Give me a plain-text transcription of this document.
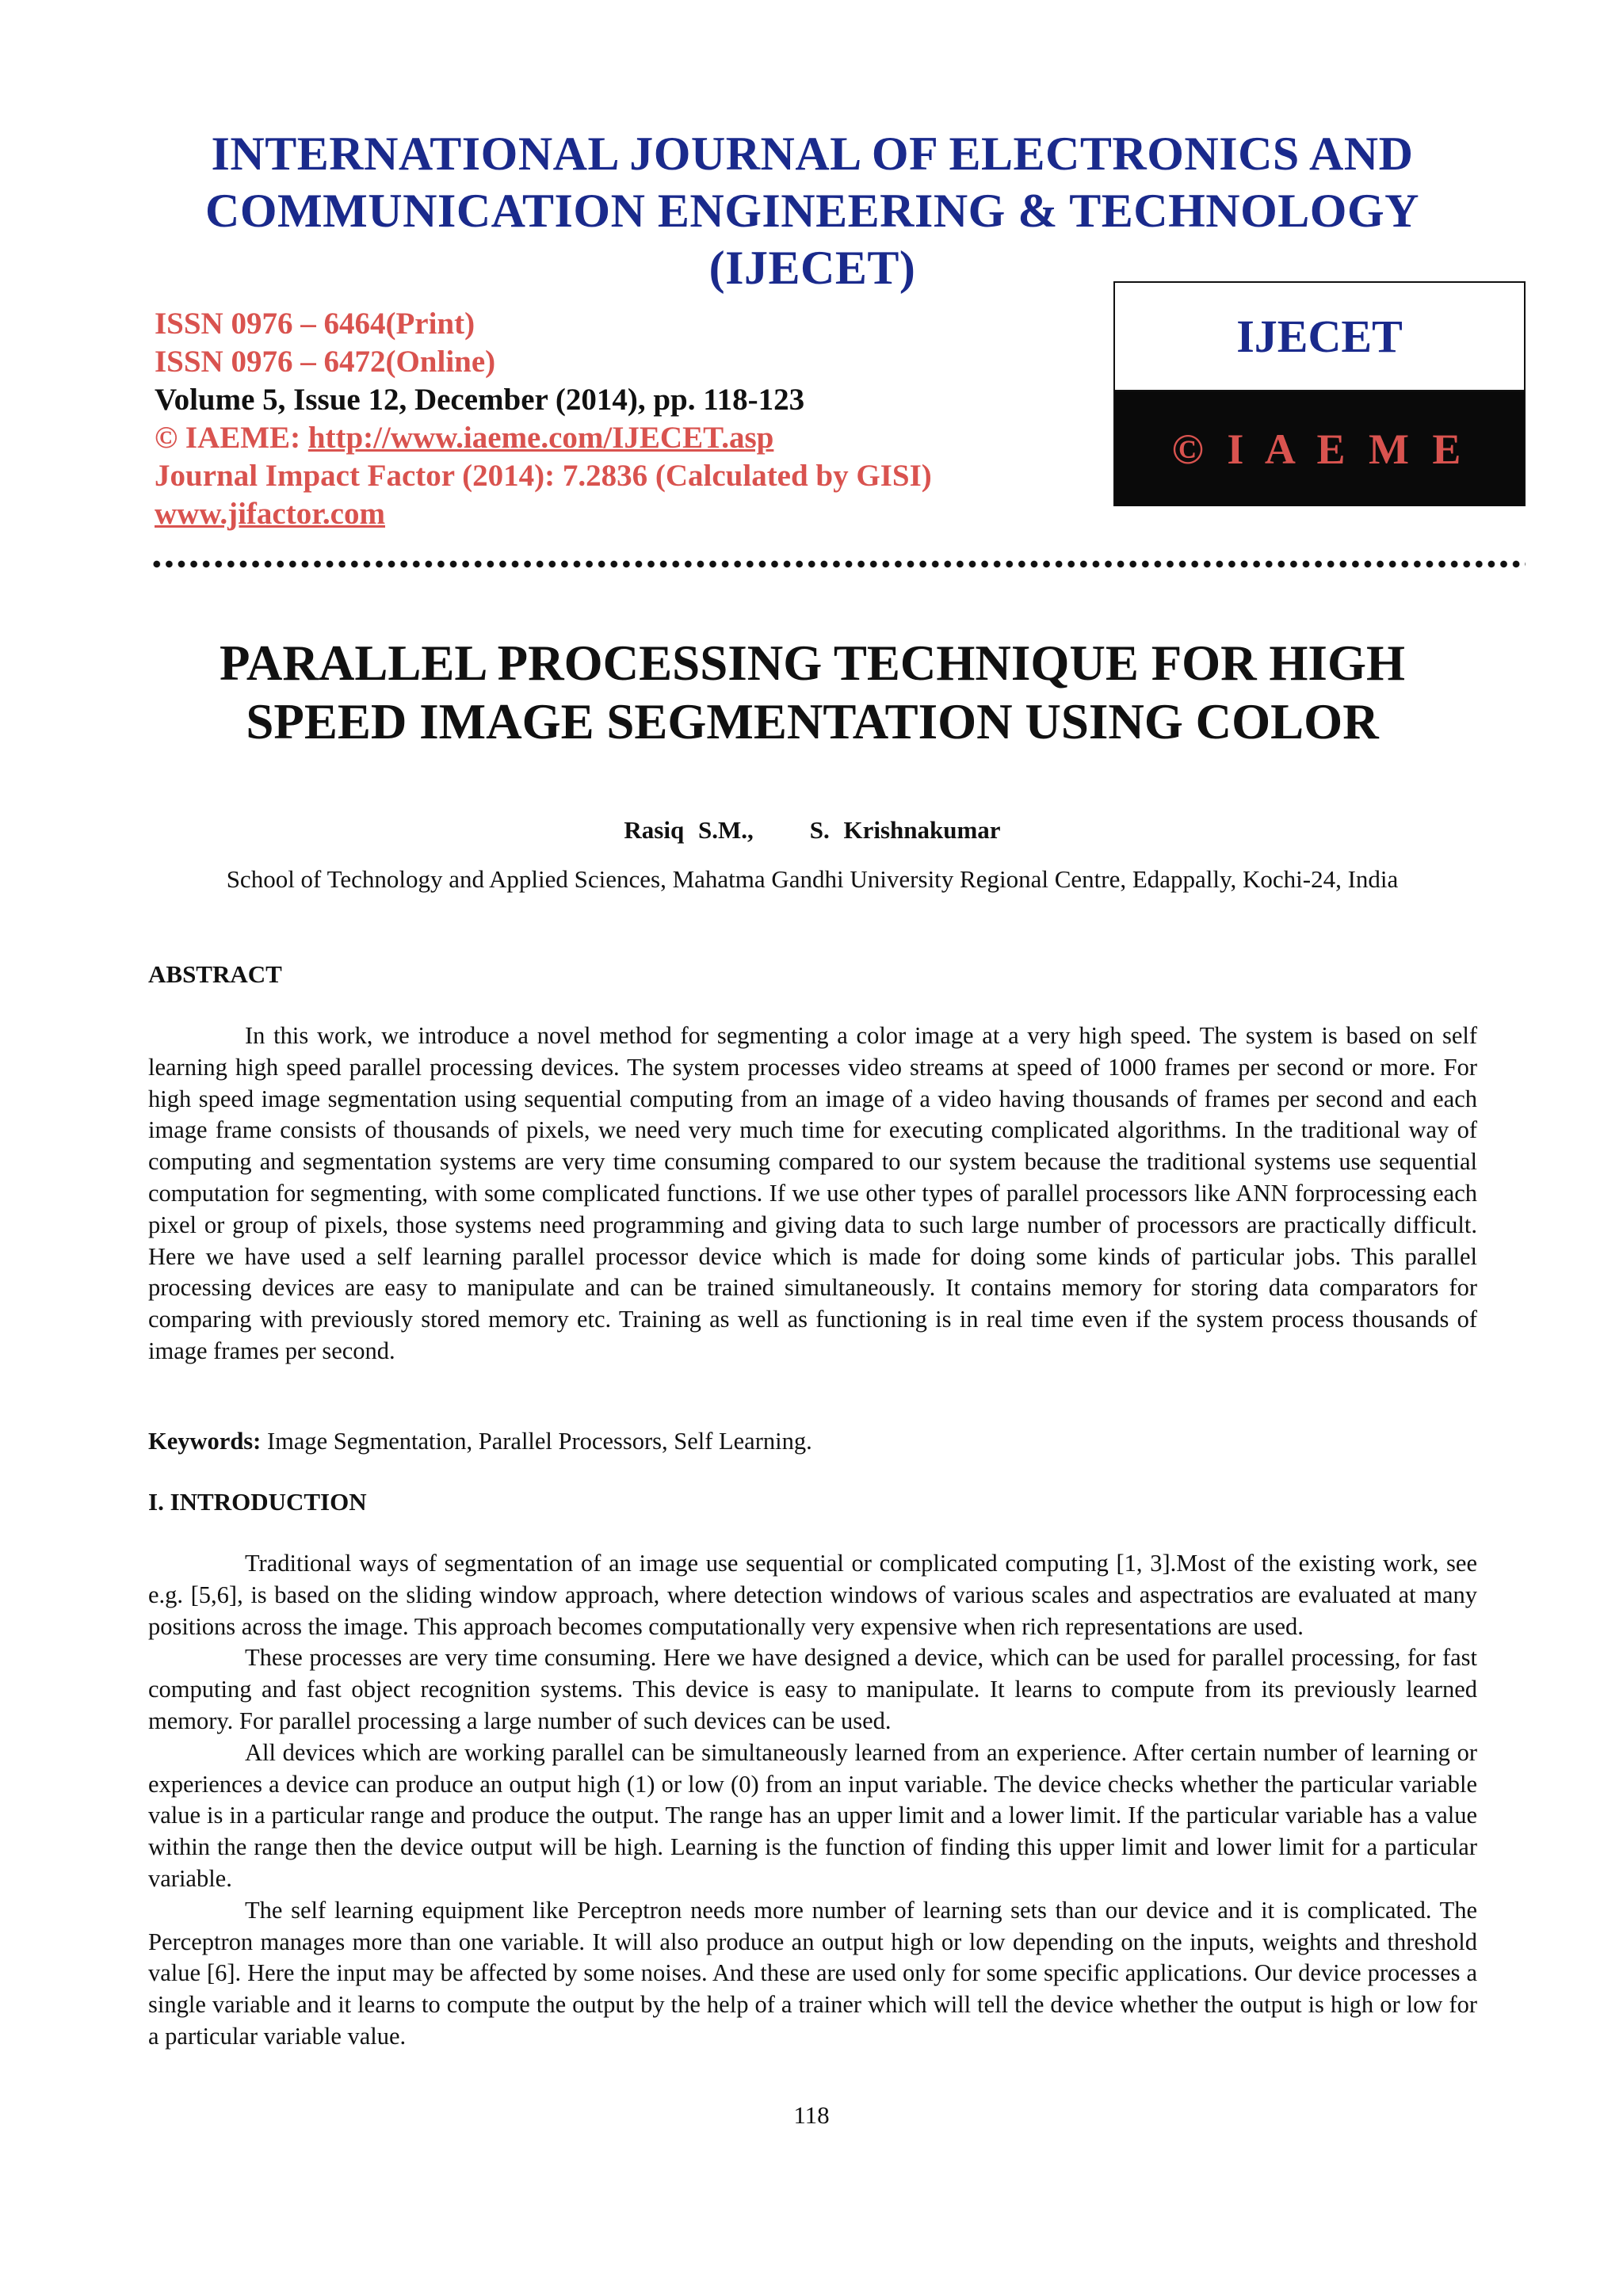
INTERNATIONAL JOURNAL OF ELECTRONICS AND
COMMUNICATION ENGINEERING & TECHNOLOGY (IJECET)
ISSN 0976 – 6464(Print)
ISSN 0976 – 6472(Online)
Volume 5, Issue 12, December (2014), pp. 118-123
© IAEME: http://www.iaeme.com/IJECET.asp
Journal Impact Factor (2014): 7.2836 (Calculated by GISI)
www.jifactor.com
IJECET
© I A E M E
PARALLEL PROCESSING TECHNIQUE FOR HIGH
SPEED IMAGE SEGMENTATION USING COLOR
Rasiq S.M.,    S. Krishnakumar
School of Technology and Applied Sciences, Mahatma Gandhi University Regional Centre, Edappally, Kochi-24, India
ABSTRACT

In this work, we introduce a novel method for segmenting a color image at a very high speed. The system is based on self learning high speed parallel processing devices. The system processes video streams at speed of 1000 frames per second or more. For high speed image segmentation using sequential computing from an image of a video having thousands of frames per second and each image frame consists of thousands of pixels, we need very much time for executing complicated algorithms. In the traditional way of computing and segmentation systems are very time consuming compared to our system because the traditional systems use sequential computation for segmenting, with some complicated functions. If we use other types of parallel processors like ANN forprocessing each pixel or group of pixels, those systems need programming and giving data to such large number of processors are practically difficult. Here we have used a self learning parallel processor device which is made for doing some kinds of particular jobs. This parallel processing devices are easy to manipulate and can be trained simultaneously. It contains memory for storing data comparators for comparing with previously stored memory etc. Training as well as functioning is in real time even if the system process thousands of image frames per second.

Keywords: Image Segmentation, Parallel Processors, Self Learning.
I. INTRODUCTION

Traditional ways of segmentation of an image use sequential or complicated computing [1, 3].Most of the existing work, see e.g. [5,6], is based on the sliding window approach, where detection windows of various scales and aspectratios are evaluated at many positions across the image. This approach becomes computationally very expensive when rich representations are used.

These processes are very time consuming. Here we have designed a device, which can be used for parallel processing, for fast computing and fast object recognition systems. This device is easy to manipulate. It learns to compute from its previously learned memory. For parallel processing a large number of such devices can be used.

All devices which are working parallel can be simultaneously learned from an experience. After certain number of learning or experiences a device can produce an output high (1) or low (0) from an input variable. The device checks whether the particular variable value is in a particular range and produce the output. The range has an upper limit and a lower limit. If the particular variable has a value within the range then the device output will be high. Learning is the function of finding this upper limit and lower limit for a particular variable.

The self learning equipment like Perceptron needs more number of learning sets than our device and it is complicated. The Perceptron manages more than one variable. It will also produce an output high or low depending on the inputs, weights and threshold value [6]. Here the input may be affected by some noises. And these are used only for some specific applications. Our device processes a single variable and it learns to compute the output by the help of a trainer which will tell the device whether the output is high or low for a particular variable value.

118
